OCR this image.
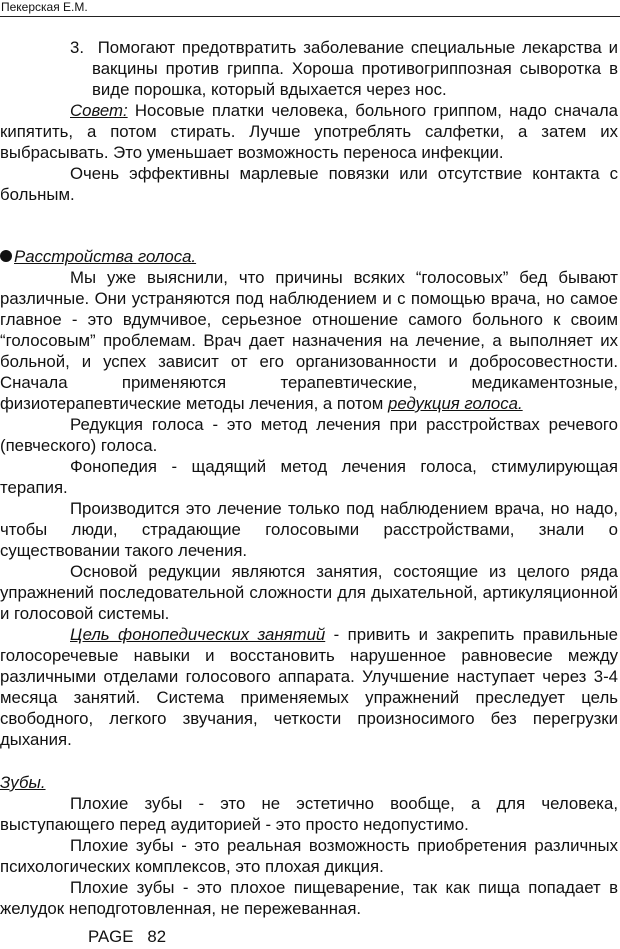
Пекерская Е.М.

3. Помогают предотвратить заболевание специальные лекарства и вакцины против гриппа. Хороша противогриппозная сыворотка в виде порошка, который вдыхается через нос.

Совет: Носовые платки человека, больного гриппом, надо сначала кипятить, а потом стирать. Лучше употреблять салфетки, а затем их выбрасывать. Это уменьшает возможность переноса инфекции.

Очень эффективны марлевые повязки или отсутствие контакта с больным.

Расстройства голоса.

Мы уже выяснили, что причины всяких “голосовых” бед бывают различные. Они устраняются под наблюдением и с помощью врача, но самое главное - это вдумчивое, серьезное отношение самого больного к своим “голосовым” проблемам. Врач дает назначения на лечение, а выполняет их больной, и успех зависит от его организованности и добросовестности. Сначала применяются терапевтические, медикаментозные, физиотерапевтические методы лечения, а потом редукция голоса.

Редукция голоса - это метод лечения при расстройствах речевого (певческого) голоса.

Фонопедия - щадящий метод лечения голоса, стимулирующая терапия.

Производится это лечение только под наблюдением врача, но надо, чтобы люди, страдающие голосовыми расстройствами, знали о существовании такого лечения.

Основой редукции являются занятия, состоящие из целого ряда упражнений последовательной сложности для дыхательной, артикуляционной и голосовой системы.

Цель фонопедических занятий - привить и закрепить правильные голосоречевые навыки и восстановить нарушенное равновесие между различными отделами голосового аппарата. Улучшение наступает через 3-4 месяца занятий. Система применяемых упражнений преследует цель свободного, легкого звучания, четкости произносимого без перегрузки дыхания.

Зубы.

Плохие зубы - это не эстетично вообще, а для человека, выступающего перед аудиторией - это просто недопустимо.

Плохие зубы - это реальная возможность приобретения различных психологических комплексов, это плохая дикция.

Плохие зубы - это плохое пищеварение, так как пища попадает в желудок неподготовленная, не пережеванная.

PAGE 82
